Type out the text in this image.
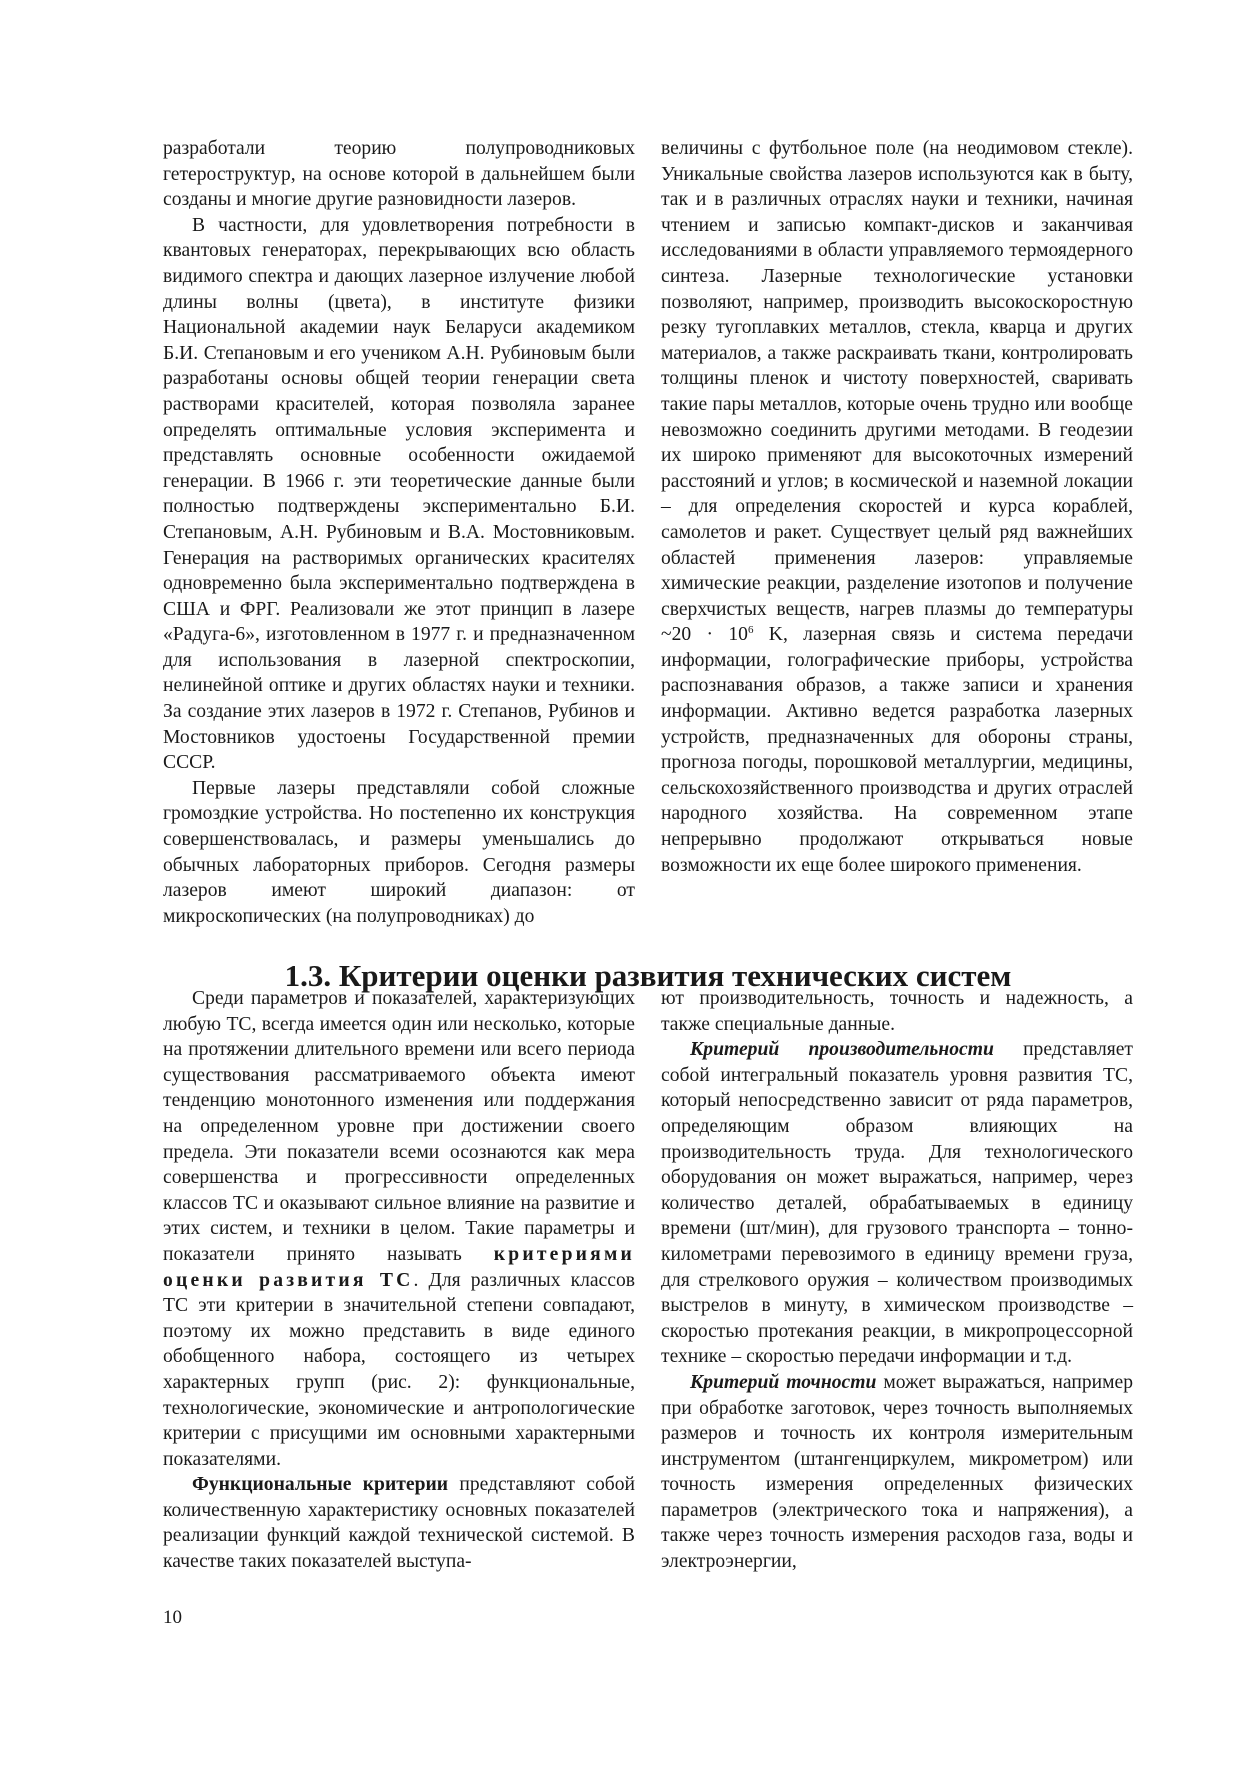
разработали теорию полупроводниковых гетероструктур, на основе которой в дальнейшем были созданы и многие другие разновидности лазеров.

В частности, для удовлетворения потребности в квантовых генераторах, перекрывающих всю область видимого спектра и дающих лазерное излучение любой длины волны (цвета), в институте физики Национальной академии наук Беларуси академиком Б.И. Степановым и его учеником А.Н. Рубиновым были разработаны основы общей теории генерации света растворами красителей, которая позволяла заранее определять оптимальные условия эксперимента и представлять основные особенности ожидаемой генерации. В 1966 г. эти теоретические данные были полностью подтверждены экспериментально Б.И. Степановым, А.Н. Рубиновым и В.А. Мостовниковым. Генерация на растворимых органических красителях одновременно была экспериментально подтверждена в США и ФРГ. Реализовали же этот принцип в лазере «Радуга-6», изготовленном в 1977 г. и предназначенном для использования в лазерной спектроскопии, нелинейной оптике и других областях науки и техники. За создание этих лазеров в 1972 г. Степанов, Рубинов и Мостовников удостоены Государственной премии СССР.

Первые лазеры представляли собой сложные громоздкие устройства. Но постепенно их конструкция совершенствовалась, и размеры уменьшались до обычных лабораторных приборов. Сегодня размеры лазеров имеют широкий диапазон: от микроскопических (на полупроводниках) до

величины с футбольное поле (на неодимовом стекле). Уникальные свойства лазеров используются как в быту, так и в различных отраслях науки и техники, начиная чтением и записью компакт-дисков и заканчивая исследованиями в области управляемого термоядерного синтеза. Лазерные технологические установки позволяют, например, производить высокоскоростную резку тугоплавких металлов, стекла, кварца и других материалов, а также раскраивать ткани, контролировать толщины пленок и чистоту поверхностей, сваривать такие пары металлов, которые очень трудно или вообще невозможно соединить другими методами. В геодезии их широко применяют для высокоточных измерений расстояний и углов; в космической и наземной локации – для определения скоростей и курса кораблей, самолетов и ракет. Существует целый ряд важнейших областей применения лазеров: управляемые химические реакции, разделение изотопов и получение сверхчистых веществ, нагрев плазмы до температуры ~20 · $10^6$ K, лазерная связь и система передачи информации, голографические приборы, устройства распознавания образов, а также записи и хранения информации. Активно ведется разработка лазерных устройств, предназначенных для обороны страны, прогноза погоды, порошковой металлургии, медицины, сельскохозяйственного производства и других отраслей народного хозяйства. На современном этапе непрерывно продолжают открываться новые возможности их еще более широкого применения.

1.3. Критерии оценки развития технических систем

Среди параметров и показателей, характеризующих любую ТС, всегда имеется один или несколько, которые на протяжении длительного времени или всего периода существования рассматриваемого объекта имеют тенденцию монотонного изменения или поддержания на определенном уровне при достижении своего предела. Эти показатели всеми осознаются как мера совершенства и прогрессивности определенных классов ТС и оказывают сильное влияние на развитие и этих систем, и техники в целом. Такие параметры и показатели принято называть критериями оценки развития ТС. Для различных классов ТС эти критерии в значительной степени совпадают, поэтому их можно представить в виде единого обобщенного набора, состоящего из четырех характерных групп (рис. 2): функциональные, технологические, экономические и антропологические критерии с присущими им основными характерными показателями.

Функциональные критерии представляют собой количественную характеристику основных показателей реализации функций каждой технической системой. В качестве таких показателей выступа-

ют производительность, точность и надежность, а также специальные данные.

Критерий производительности представляет собой интегральный показатель уровня развития ТС, который непосредственно зависит от ряда параметров, определяющим образом влияющих на производительность труда. Для технологического оборудования он может выражаться, например, через количество деталей, обрабатываемых в единицу времени (шт/мин), для грузового транспорта – тонно-километрами перевозимого в единицу времени груза, для стрелкового оружия – количеством производимых выстрелов в минуту, в химическом производстве – скоростью протекания реакции, в микропроцессорной технике – скоростью передачи информации и т.д.

Критерий точности может выражаться, например при обработке заготовок, через точность выполняемых размеров и точность их контроля измерительным инструментом (штангенциркулем, микрометром) или точность измерения определенных физических параметров (электрического тока и напряжения), а также через точность измерения расходов газа, воды и электроэнергии,

10
